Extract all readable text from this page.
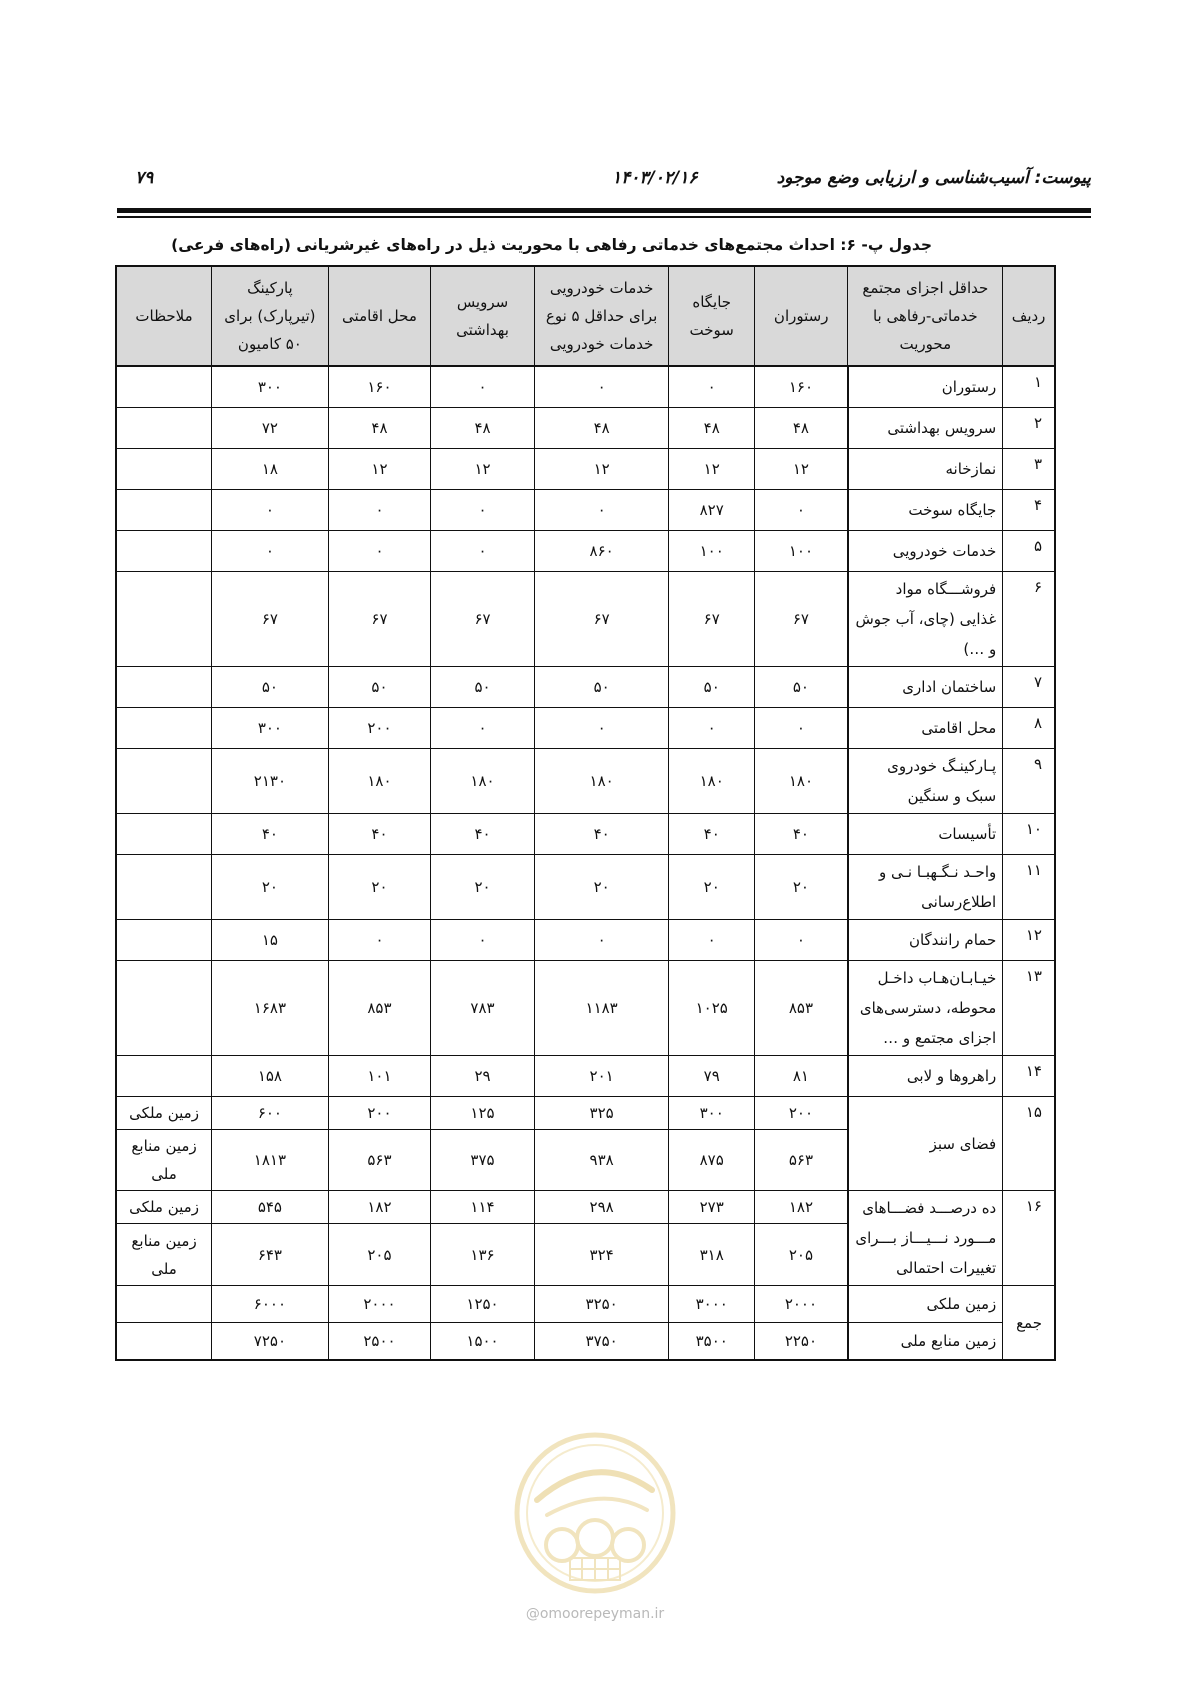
پیوست: آسیب‌شناسی و ارزیابی وضع موجود
۱۴۰۳/۰۲/۱۶
۷۹
جدول پ- ۶: احداث مجتمع‌های خدماتی رفاهی با محوریت ذیل در راه‌های غیرشریانی (راه‌های فرعی)
ردیف	حداقل اجزای مجتمع خدماتی-رفاهی با محوریت	رستوران	جایگاه سوخت	خدمات خودرویی برای حداقل ۵ نوع خدمات خودرویی	سرویس بهداشتی	محل اقامتی	پارکینگ (تیرپارک) برای ۵۰ کامیون	ملاحظات
۱	رستوران	۱۶۰	۰	۰	۰	۱۶۰	۳۰۰	
۲	سرویس بهداشتی	۴۸	۴۸	۴۸	۴۸	۴۸	۷۲	
۳	نمازخانه	۱۲	۱۲	۱۲	۱۲	۱۲	۱۸	
۴	جایگاه سوخت	۰	۸۲۷	۰	۰	۰	۰	
۵	خدمات خودرویی	۱۰۰	۱۰۰	۸۶۰	۰	۰	۰	
۶	فروشـــگاه مواد غذایی (چای، آب جوش و …)	۶۷	۶۷	۶۷	۶۷	۶۷	۶۷	
۷	ساختمان اداری	۵۰	۵۰	۵۰	۵۰	۵۰	۵۰	
۸	محل اقامتی	۰	۰	۰	۰	۲۰۰	۳۰۰	
۹	پـارکینـگ خودروی سبک و سنگین	۱۸۰	۱۸۰	۱۸۰	۱۸۰	۱۸۰	۲۱۳۰	
۱۰	تأسیسات	۴۰	۴۰	۴۰	۴۰	۴۰	۴۰	
۱۱	واحـد نـگـهبـا نـی و اطلاع‌رسانی	۲۰	۲۰	۲۰	۲۰	۲۰	۲۰	
۱۲	حمام رانندگان	۰	۰	۰	۰	۰	۱۵	
۱۳	خیـابـان‌هـاب داخـل محوطه، دسترسی‌های اجزای مجتمع و …	۸۵۳	۱۰۲۵	۱۱۸۳	۷۸۳	۸۵۳	۱۶۸۳	
۱۴	راهروها و لابی	۸۱	۷۹	۲۰۱	۲۹	۱۰۱	۱۵۸	
۱۵	فضای سبز	۲۰۰	۳۰۰	۳۲۵	۱۲۵	۲۰۰	۶۰۰	زمین ملکی
		۵۶۳	۸۷۵	۹۳۸	۳۷۵	۵۶۳	۱۸۱۳	زمین منابع ملی
۱۶	ده درصـــد فضـــاهای مـــورد نـــیـــاز بـــرای تغییرات احتمالی	۱۸۲	۲۷۳	۲۹۸	۱۱۴	۱۸۲	۵۴۵	زمین ملکی
		۲۰۵	۳۱۸	۳۲۴	۱۳۶	۲۰۵	۶۴۳	زمین منابع ملی
جمع	زمین ملکی	۲۰۰۰	۳۰۰۰	۳۲۵۰	۱۲۵۰	۲۰۰۰	۶۰۰۰	
	زمین منابع ملی	۲۲۵۰	۳۵۰۰	۳۷۵۰	۱۵۰۰	۲۵۰۰	۷۲۵۰	
@omoorepeyman.ir
